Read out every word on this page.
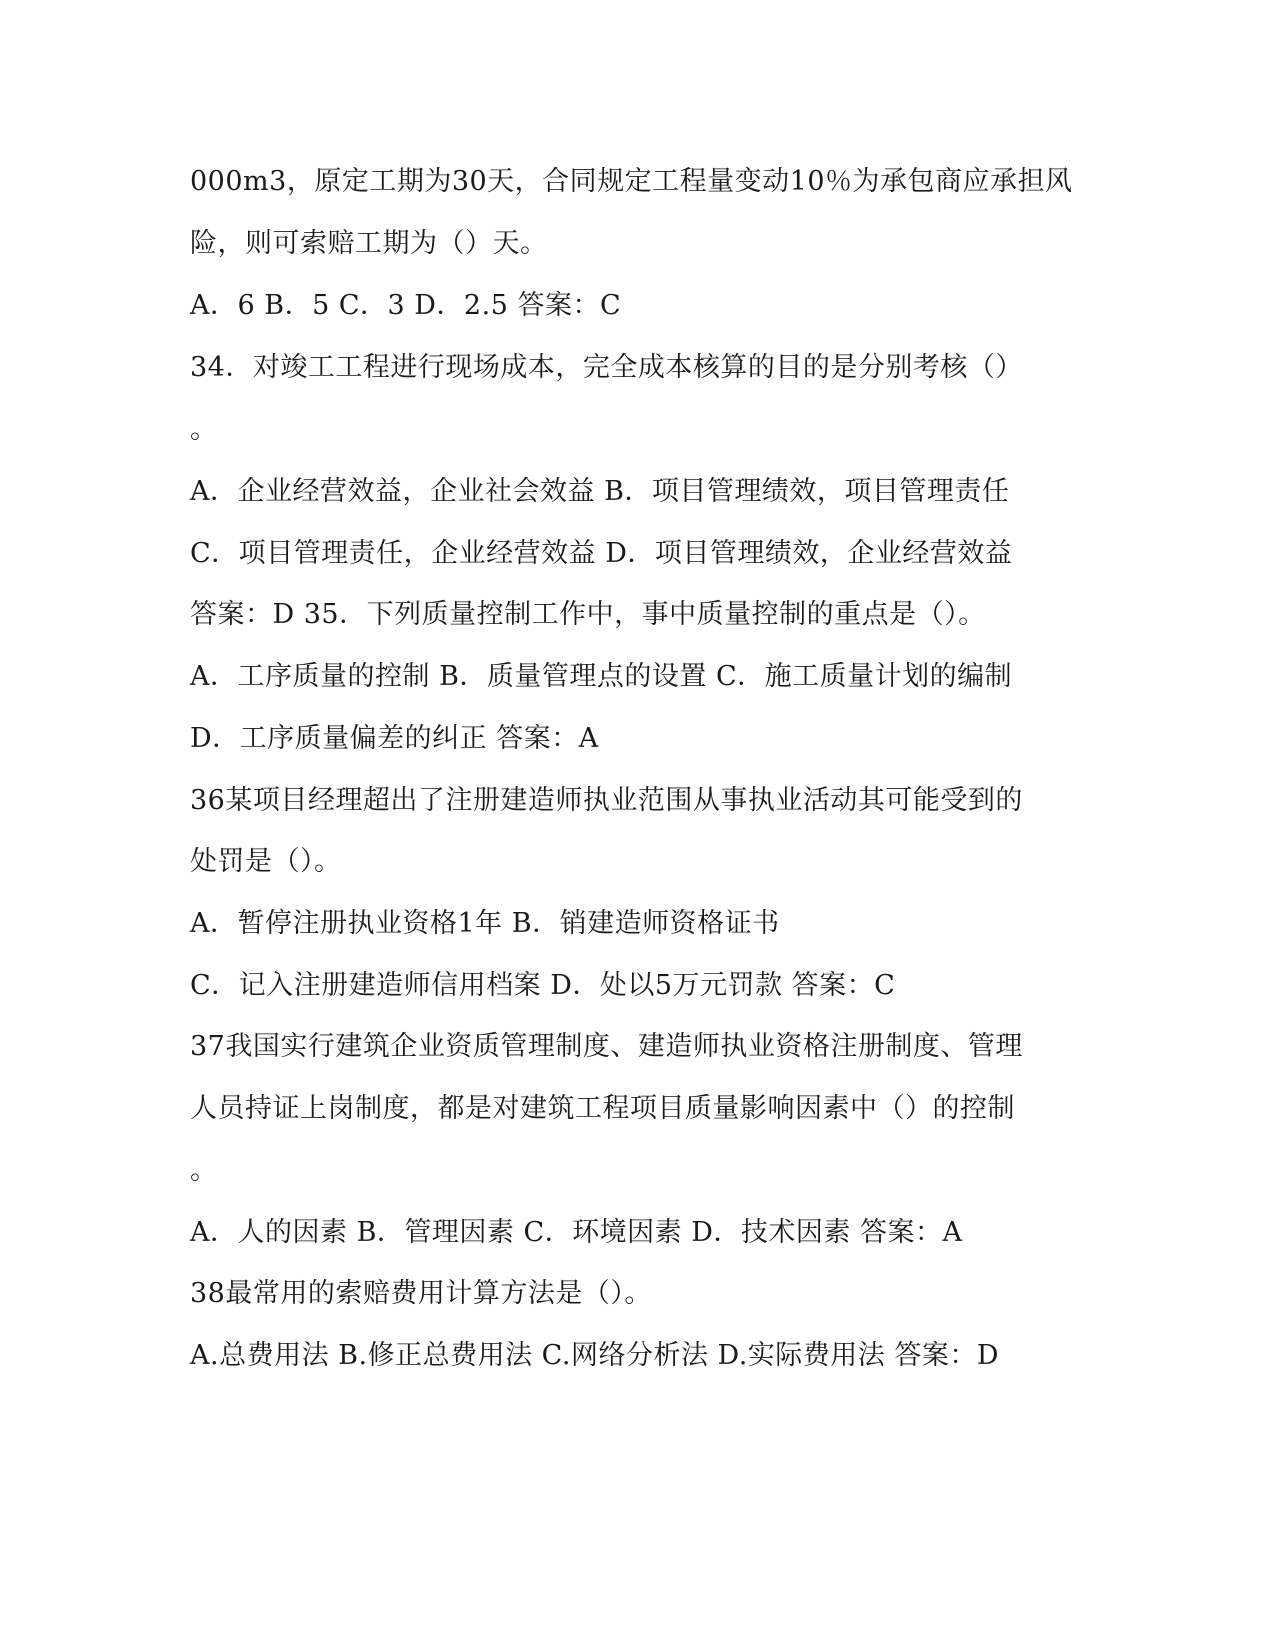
000m3，原定工期为30天，合同规定工程量变动10％为承包商应承担风
险，则可索赔工期为（）天。
A．6 B．5 C．3 D．2.5 答案：C
34．对竣工工程进行现场成本，完全成本核算的目的是分别考核（）
。
A．企业经营效益，企业社会效益 B．项目管理绩效，项目管理责任
C．项目管理责任，企业经营效益 D．项目管理绩效，企业经营效益
答案：D 35．下列质量控制工作中，事中质量控制的重点是（）。
A．工序质量的控制 B．质量管理点的设置 C．施工质量计划的编制
D．工序质量偏差的纠正 答案：A
36某项目经理超出了注册建造师执业范围从事执业活动其可能受到的
处罚是（）。
A．暂停注册执业资格1年 B．销建造师资格证书
C．记入注册建造师信用档案 D．处以5万元罚款 答案：C
37我国实行建筑企业资质管理制度、建造师执业资格注册制度、管理
人员持证上岗制度，都是对建筑工程项目质量影响因素中（）的控制
。
A．人的因素 B．管理因素 C．环境因素 D．技术因素 答案：A
38最常用的索赔费用计算方法是（）。
A.总费用法 B.修正总费用法 C.网络分析法 D.实际费用法 答案：D
